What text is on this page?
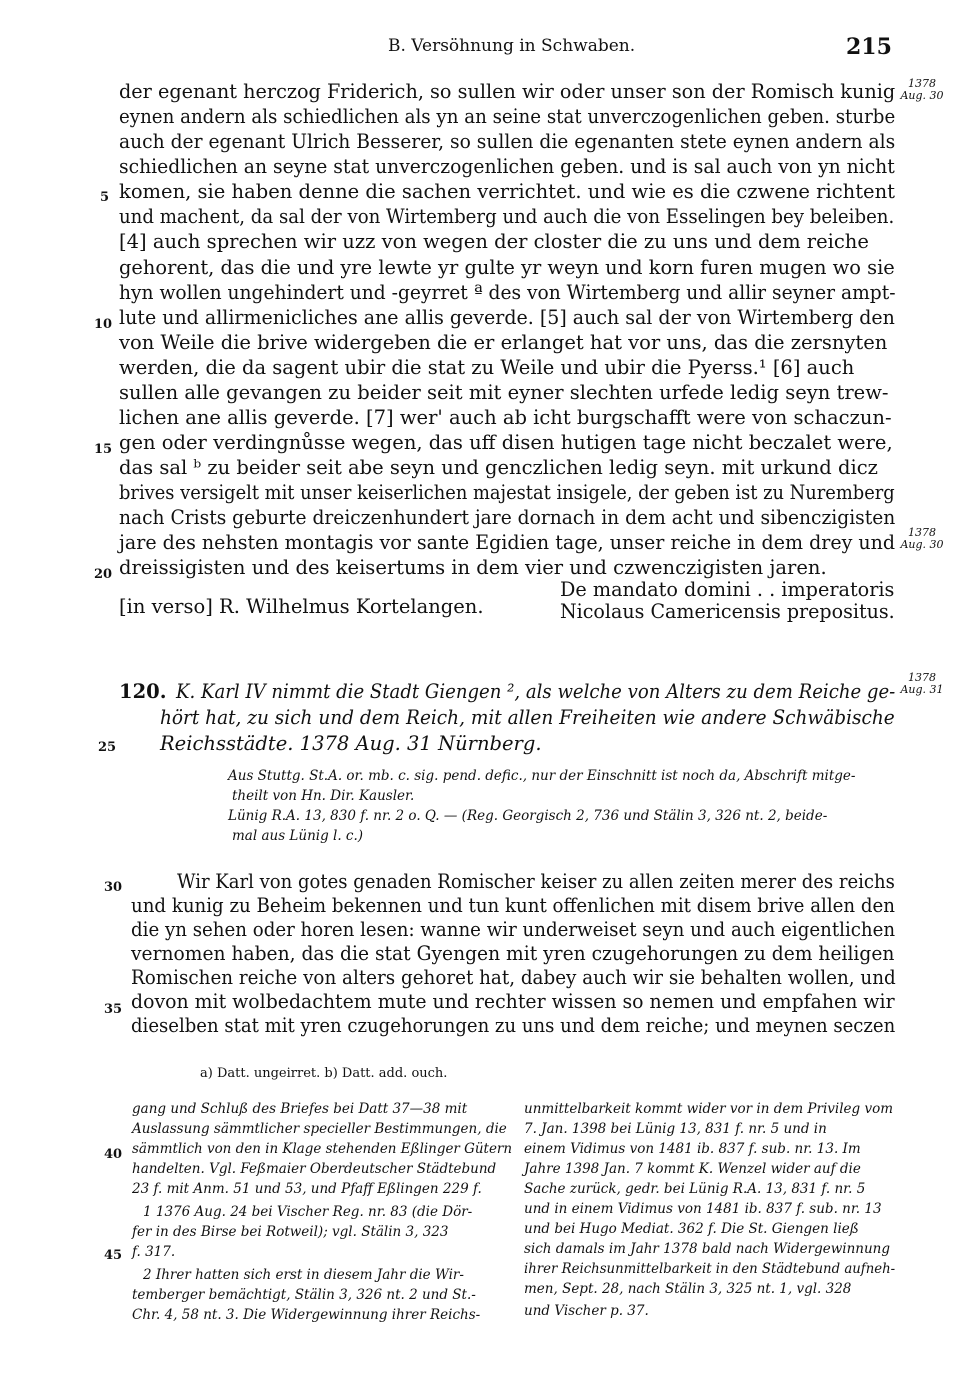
B. Versöhnung in Schwaben.	215
der egenant herczog Friderich, so sullen wir oder unser son der Romisch kunig
eynen andern als schiedlichen als yn an seine stat unverczogenlichen geben. sturbe
auch der egenant Ulrich Besserer, so sullen die egenanten stete eynen andern als
schiedlichen an seyne stat unverczogenlichen geben. und is sal auch von yn nicht
komen, sie haben denne die sachen verrichtet. und wie es die czwene richtent
und machent, da sal der von Wirtemberg und auch die von Esselingen bey beleiben.
[4] auch sprechen wir uzz von wegen der closter die zu uns und dem reiche
gehorent, das die und yre lewte yr gulte yr weyn und korn furen mugen wo sie
hyn wollen ungehindert und -geyrret ª des von Wirtemberg und allir seyner ampt-
lute und allirmenicliches ane allis geverde. [5] auch sal der von Wirtemberg den
von Weile die brive widergeben die er erlanget hat vor uns, das die zersnyten
werden, die da sagent ubir die stat zu Weile und ubir die Pyerss.¹ [6] auch
sullen alle gevangen zu beider seit mit eyner slechten urfede ledig seyn trew-
lichen ane allis geverde. [7] wer' auch ab icht burgschafft were von schaczun-
gen oder verdingnůsse wegen, das uff disen hutigen tage nicht beczalet were,
das sal ᵇ zu beider seit abe seyn und genczlichen ledig seyn. mit urkund dicz
brives versigelt mit unser keiserlichen majestat insigele, der geben ist zu Nuremberg
nach Crists geburte dreiczenhundert jare dornach in dem acht und sibenczigisten
jare des nehsten montagis vor sante Egidien tage, unser reiche in dem drey und
dreissigisten und des keisertums in dem vier und czwenczigisten jaren.
5
10
15
20
1378
Aug. 30
1378
Aug. 30
[in verso] R. Wilhelmus Kortelangen.
De mandato domini . . imperatoris
Nicolaus Camericensis prepositus.
120. K. Karl IV nimmt die Stadt Giengen ², als welche von Alters zu dem Reiche ge-
hört hat, zu sich und dem Reich, mit allen Freiheiten wie andere Schwäbische
Reichsstädte. 1378 Aug. 31 Nürnberg.
25
1378
Aug. 31
Aus Stuttg. St.A. or. mb. c. sig. pend. defic., nur der Einschnitt ist noch da, Abschrift mitge-
theilt von Hn. Dir. Kausler.
Lünig R.A. 13, 830 f. nr. 2 o. Q. — (Reg. Georgisch 2, 736 und Stälin 3, 326 nt. 2, beide-
mal aus Lünig l. c.)
Wir Karl von gotes genaden Romischer keiser zu allen zeiten merer des reichs
und kunig zu Beheim bekennen und tun kunt offenlichen mit disem brive allen den
die yn sehen oder horen lesen: wanne wir underweiset seyn und auch eigentlichen
vernomen haben, das die stat Gyengen mit yren czugehorungen zu dem heiligen
Romischen reiche von alters gehoret hat, dabey auch wir sie behalten wollen, und
dovon mit wolbedachtem mute und rechter wissen so nemen und empfahen wir
dieselben stat mit yren czugehorungen zu uns und dem reiche; und meynen seczen
30
35
a) Datt. ungeirret. b) Datt. add. ouch.
gang und Schluß des Briefes bei Datt 37—38 mit
Auslassung sämmtlicher specieller Bestimmungen, die
sämmtlich von den in Klage stehenden Eßlinger Gütern
handelten. Vgl. Feßmaier Oberdeutscher Städtebund
23 f. mit Anm. 51 und 53, und Pfaff Eßlingen 229 f.
1 1376 Aug. 24 bei Vischer Reg. nr. 83 (die Dör-
fer in des Birse bei Rotweil); vgl. Stälin 3, 323
f. 317.
2 Ihrer hatten sich erst in diesem Jahr die Wir-
temberger bemächtigt, Stälin 3, 326 nt. 2 und St.-
Chr. 4, 58 nt. 3. Die Widergewinnung ihrer Reichs-
40
45
unmittelbarkeit kommt wider vor in dem Privileg vom
7. Jan. 1398 bei Lünig 13, 831 f. nr. 5 und in
einem Vidimus von 1481 ib. 837 f. sub. nr. 13. Im
Jahre 1398 Jan. 7 kommt K. Wenzel wider auf die
Sache zurück, gedr. bei Lünig R.A. 13, 831 f. nr. 5
und in einem Vidimus von 1481 ib. 837 f. sub. nr. 13
und bei Hugo Mediat. 362 f. Die St. Giengen ließ
sich damals im Jahr 1378 bald nach Widergewinnung
ihrer Reichsunmittelbarkeit in den Städtebund aufneh-
men, Sept. 28, nach Stälin 3, 325 nt. 1, vgl. 328
und Vischer p. 37.
